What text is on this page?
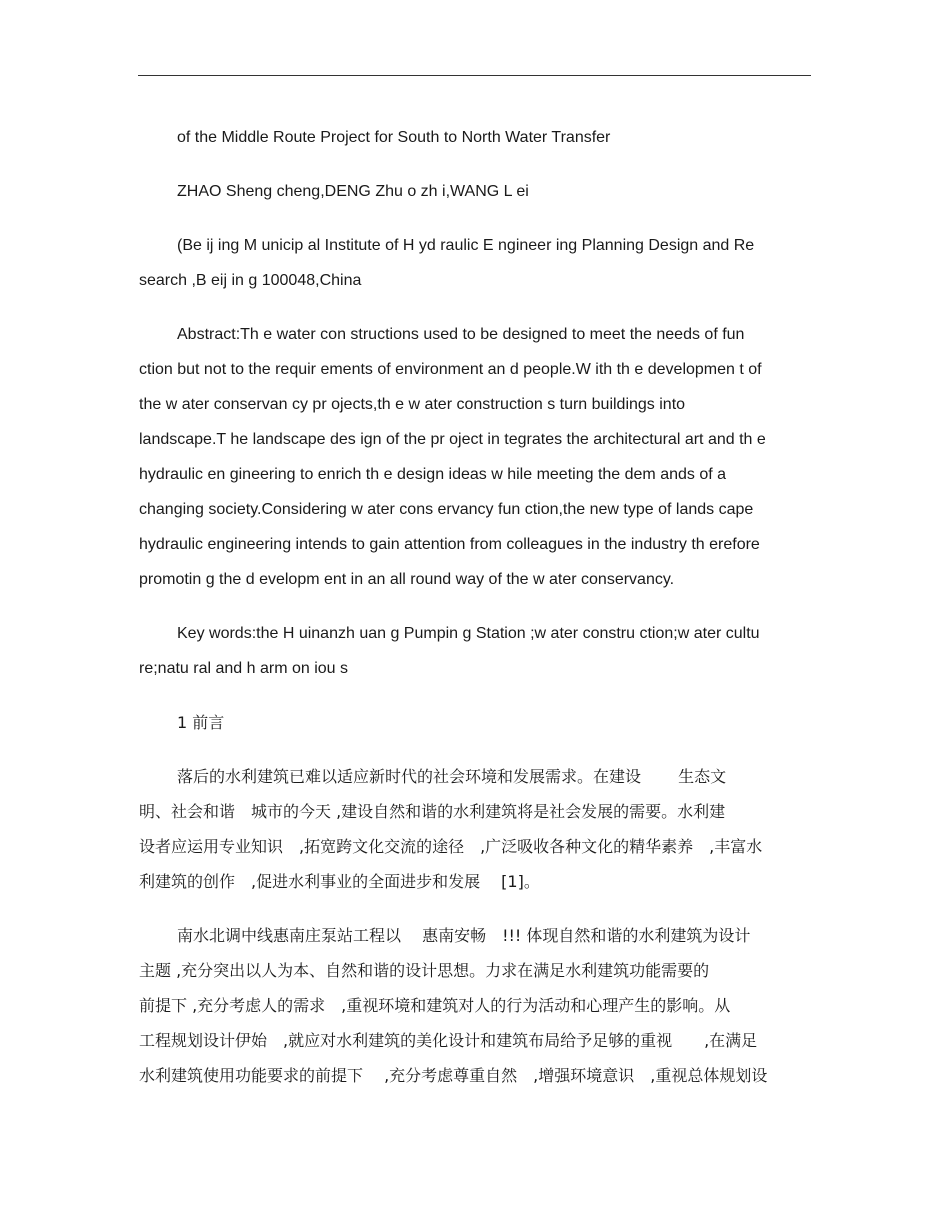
of the Middle Route Project for South to North Water Transfer

ZHAO Sheng cheng,DENG Zhu o zh i,WANG L ei

(Be ij ing M unicip al Institute of H yd raulic E ngineer ing Planning Design and Re
search ,B eij in g 100048,China

Abstract:Th e water con structions used to be designed to meet the needs of fun
ction but not to the requir ements of environment an d people.W ith th e developmen t of
the w ater conservan cy pr ojects,th e w ater construction s turn buildings into
landscape.T he landscape des ign of the pr oject in tegrates the architectural art and th e
hydraulic en gineering to enrich th e design ideas w hile meeting the dem ands of a
changing society.Considering w ater cons ervancy fun ction,the new type of lands cape
hydraulic engineering intends to gain attention from colleagues in the industry th erefore
promotin g the d evelopm ent in an all round way of the w ater conservancy.

Key words:the H uinanzh uan g Pumpin g Station ;w ater constru ction;w ater cultu
re;natu ral and h arm on iou s

1 前言

落后的水利建筑已难以适应新时代的社会环境和发展需求。在建设　　 生态文
明、社会和谐　城市的今天 ,建设自然和谐的水利建筑将是社会发展的需要。水利建
设者应运用专业知识　,拓宽跨文化交流的途径　,广泛吸收各种文化的精华素养　,丰富水
利建筑的创作　,促进水利事业的全面进步和发展　 [1]。

南水北调中线惠南庄泵站工程以　 惠南安畅　!!! 体现自然和谐的水利建筑为设计
主题 ,充分突出以人为本、自然和谐的设计思想。力求在满足水利建筑功能需要的
前提下 ,充分考虑人的需求　,重视环境和建筑对人的行为活动和心理产生的影响。从
工程规划设计伊始　,就应对水利建筑的美化设计和建筑布局给予足够的重视　　,在满足
水利建筑使用功能要求的前提下　 ,充分考虑尊重自然　,增强环境意识　,重视总体规划设
